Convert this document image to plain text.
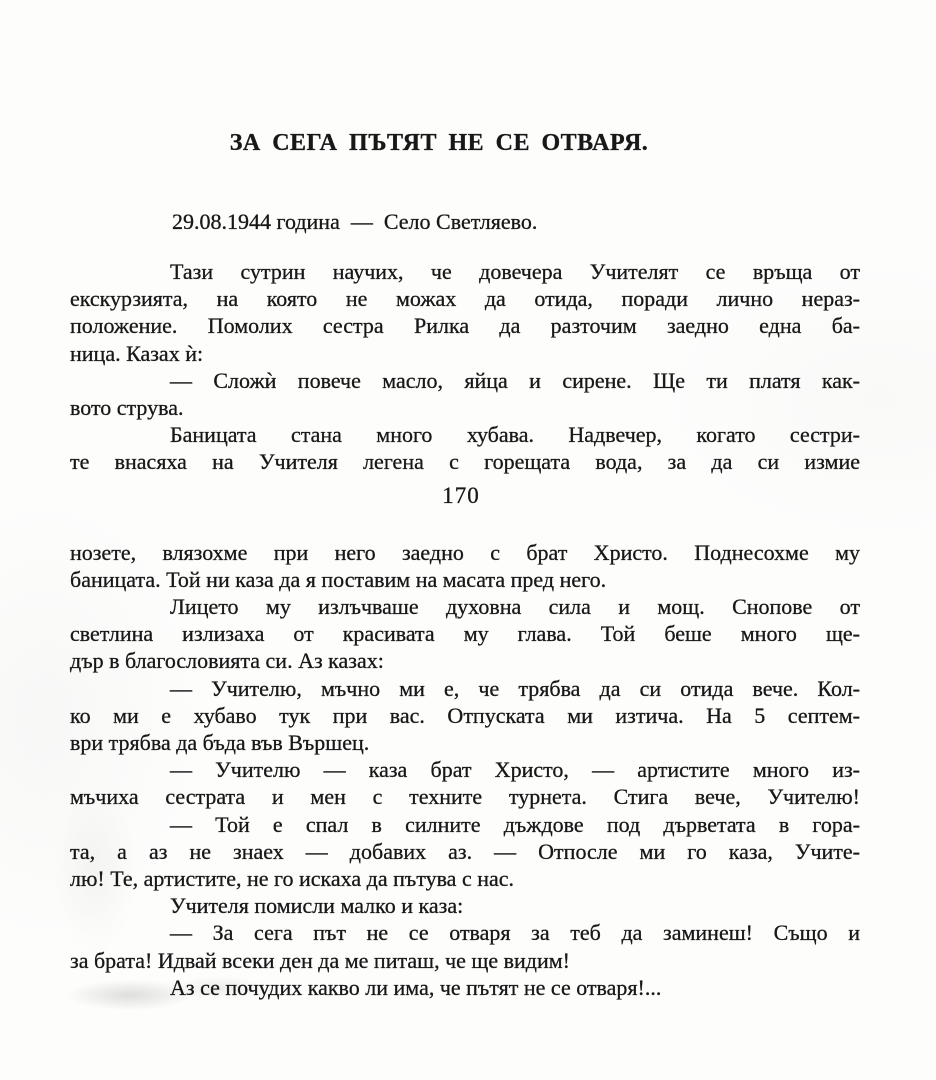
ЗА СЕГА ПЪТЯТ НЕ СЕ ОТВАРЯ.
29.08.1944 година  —  Село Светляево.
Тази сутрин научих, че довечера Учителят се връща от
екскурзията, на която не можах да отида, поради лично нераз-
положение. Помолих сестра Рилка да разточим заедно една ба-
ница. Казах ѝ:
— Сложѝ повече масло, яйца и сирене. Ще ти платя как-
вото струва.
Баницата стана много хубава. Надвечер, когато сестри-
те внасяха на Учителя легена с горещата вода, за да си измие
170
нозете, влязохме при него заедно с брат Христо. Поднесохме му
баницата. Той ни каза да я поставим на масата пред него.
Лицето му излъчваше духовна сила и мощ. Снопове от
светлина излизаха от красивата му глава. Той беше много ще-
дър в благословията си. Аз казах:
— Учителю, мъчно ми е, че трябва да си отида вече. Кол-
ко ми е хубаво тук при вас. Отпуската ми изтича. На 5 септем-
ври трябва да бъда във Вършец.
— Учителю — каза брат Христо, — артистите много из-
мъчиха сестрата и мен с техните турнета. Стига вече, Учителю!
— Той е спал в силните дъждове под дърветата в гора-
та, а аз не знаех — добавих аз. — Отпосле ми го каза, Учите-
лю! Те, артистите, не го искаха да пътува с нас.
Учителя помисли малко и каза:
— За сега път не се отваря за теб да заминеш! Също и
за брата! Идвай всеки ден да ме питаш, че ще видим!
Аз се почудих какво ли има, че пътят не се отваря!...
